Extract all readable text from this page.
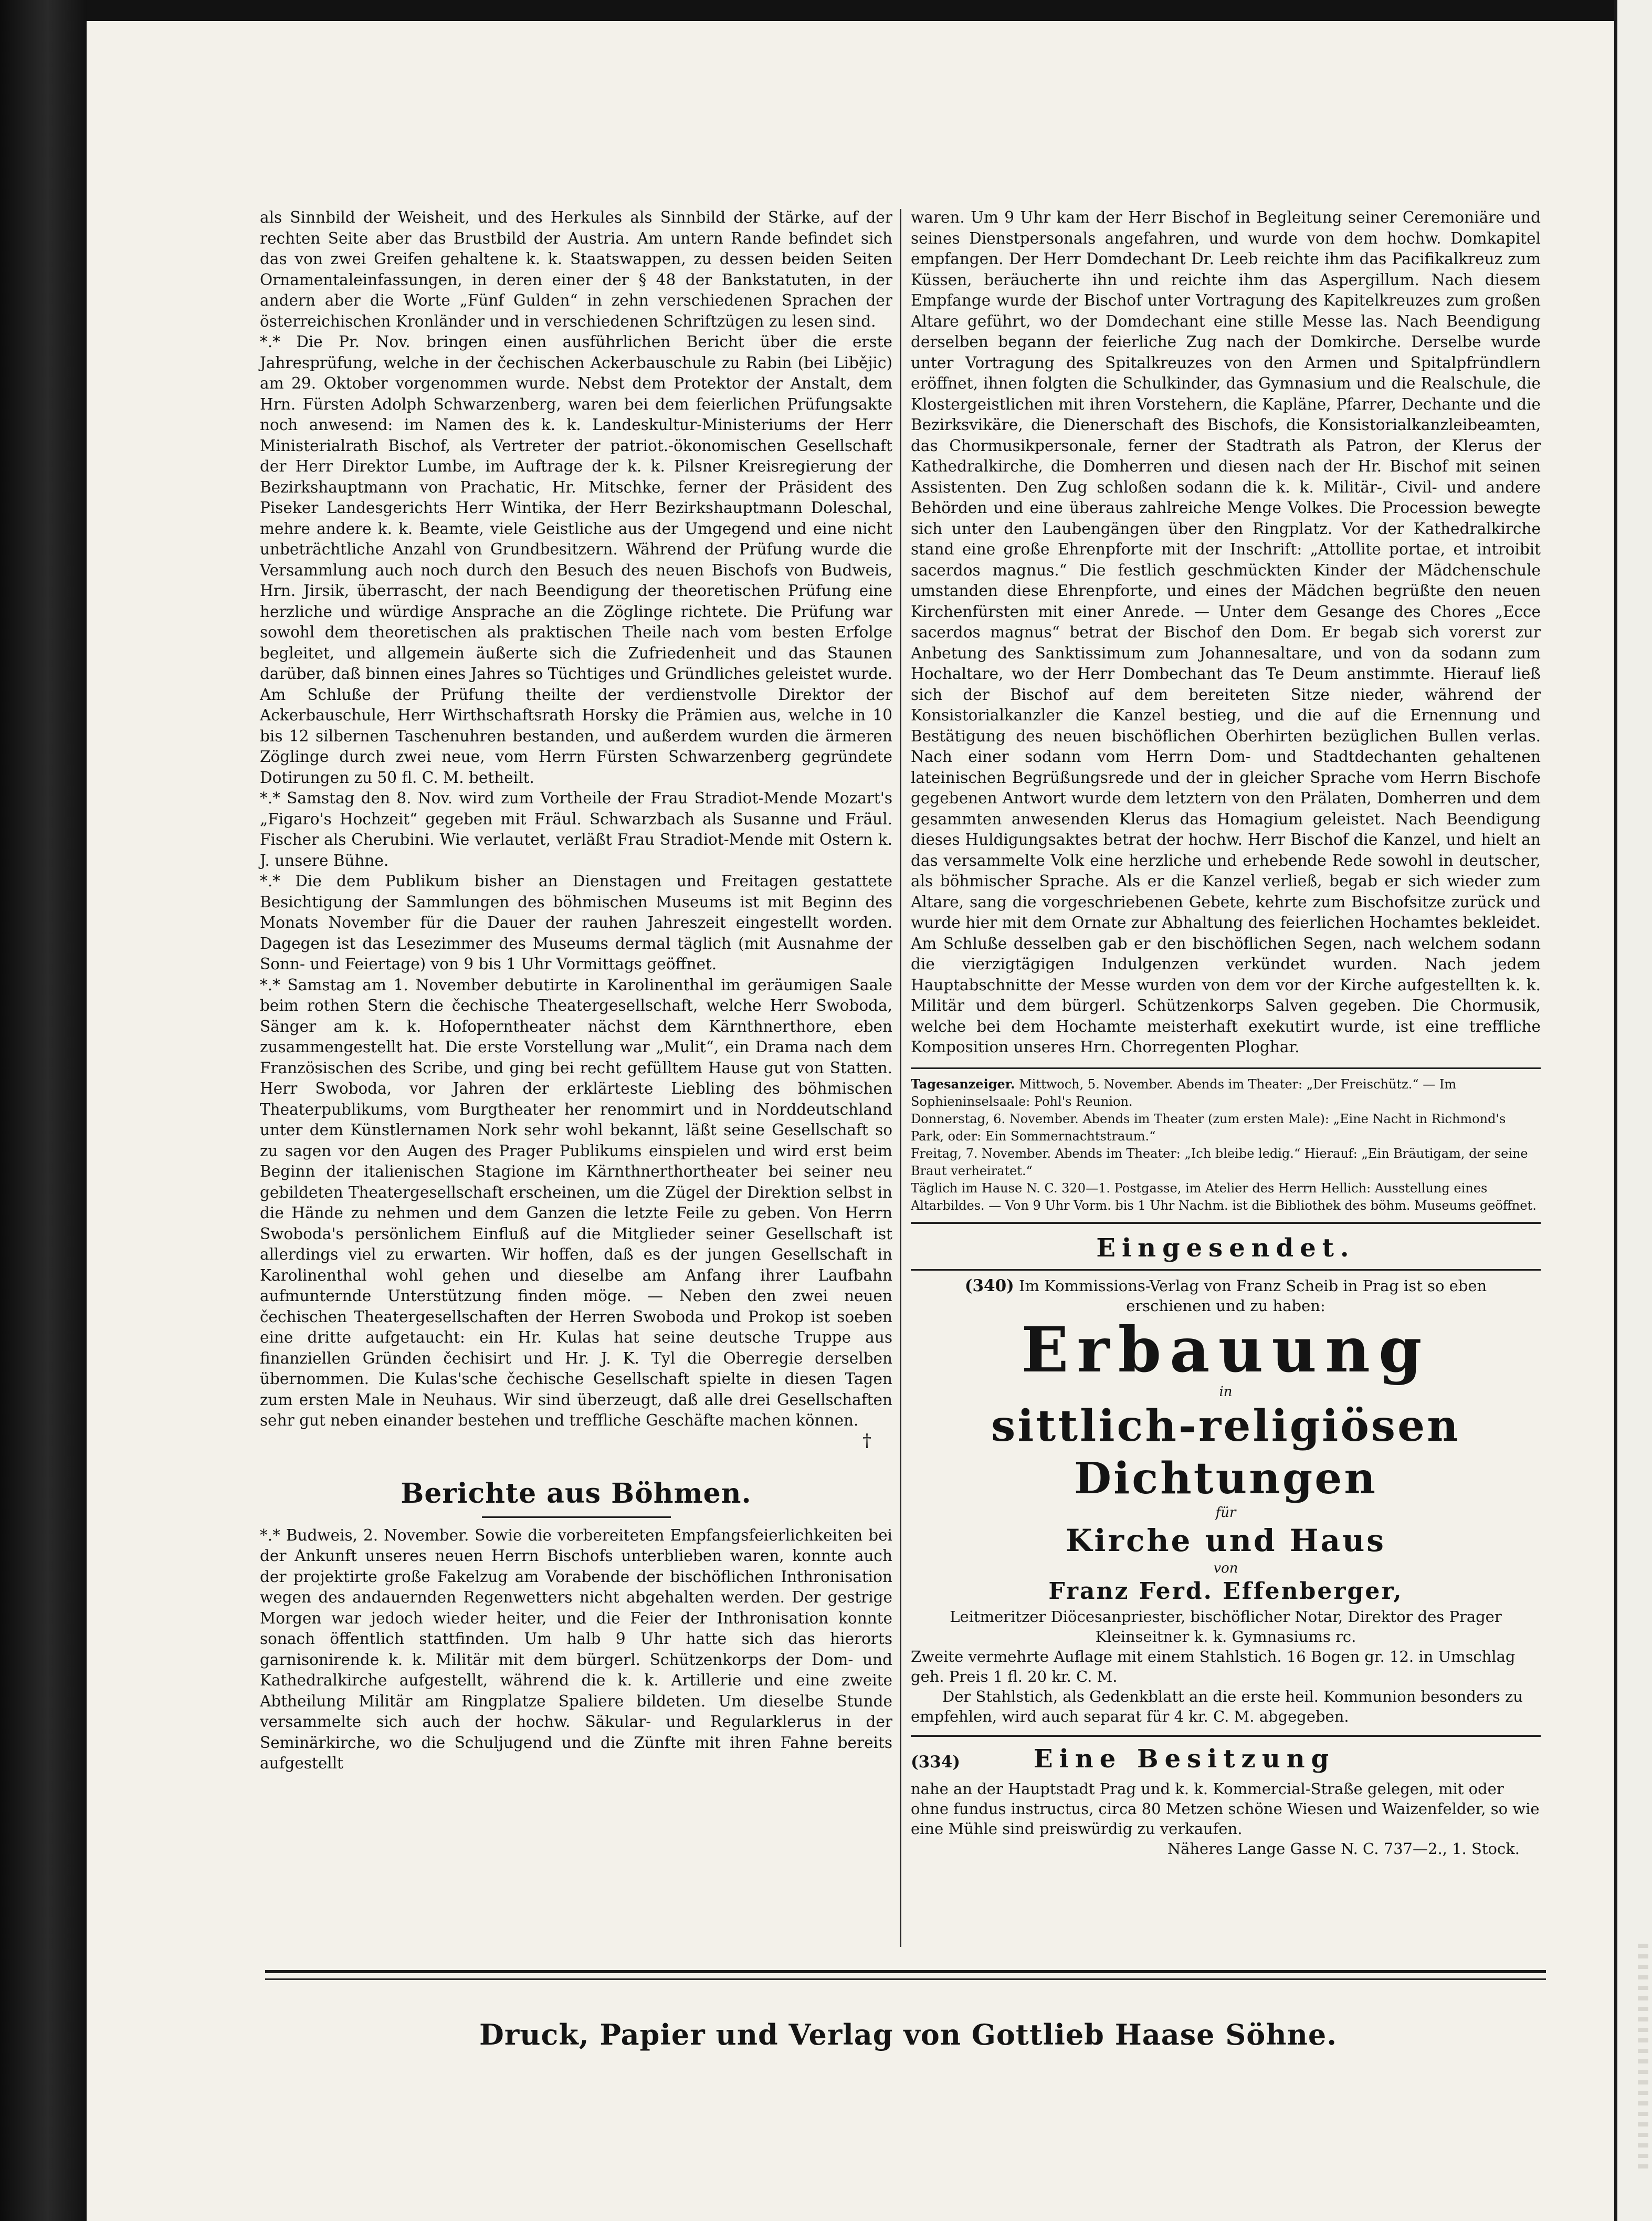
als Sinnbild der Weisheit, und des Herkules als Sinnbild der Stärke, auf der rechten Seite aber das Brustbild der Austria. Am untern Rande befindet sich das von zwei Greifen gehaltene k. k. Staatswappen, zu dessen beiden Seiten Ornamentaleinfassungen, in deren einer der § 48 der Bankstatuten, in der andern aber die Worte „Fünf Gulden“ in zehn verschiedenen Sprachen der österreichischen Kronländer und in verschiedenen Schriftzügen zu lesen sind.

*.* Die Pr. Nov. bringen einen ausführlichen Bericht über die erste Jahresprüfung, welche in der čechischen Ackerbauschule zu Rabin (bei Libějic) am 29. Oktober vorgenommen wurde. Nebst dem Protektor der Anstalt, dem Hrn. Fürsten Adolph Schwarzenberg, waren bei dem feierlichen Prüfungsakte noch anwesend: im Namen des k. k. Landeskultur-Ministeriums der Herr Ministerialrath Bischof, als Vertreter der patriot.-ökonomischen Gesellschaft der Herr Direktor Lumbe, im Auftrage der k. k. Pilsner Kreisregierung der Bezirkshauptmann von Prachatic, Hr. Mitschke, ferner der Präsident des Piseker Landesgerichts Herr Wintika, der Herr Bezirkshauptmann Doleschal, mehre andere k. k. Beamte, viele Geistliche aus der Umgegend und eine nicht unbeträchtliche Anzahl von Grundbesitzern. Während der Prüfung wurde die Versammlung auch noch durch den Besuch des neuen Bischofs von Budweis, Hrn. Jirsik, überrascht, der nach Beendigung der theoretischen Prüfung eine herzliche und würdige Ansprache an die Zöglinge richtete. Die Prüfung war sowohl dem theoretischen als praktischen Theile nach vom besten Erfolge begleitet, und allgemein äußerte sich die Zufriedenheit und das Staunen darüber, daß binnen eines Jahres so Tüchtiges und Gründliches geleistet wurde. Am Schluße der Prüfung theilte der verdienstvolle Direktor der Ackerbauschule, Herr Wirthschaftsrath Horsky die Prämien aus, welche in 10 bis 12 silbernen Taschenuhren bestanden, und außerdem wurden die ärmeren Zöglinge durch zwei neue, vom Herrn Fürsten Schwarzenberg gegründete Dotirungen zu 50 fl. C. M. betheilt.

*.* Samstag den 8. Nov. wird zum Vortheile der Frau Stradiot-Mende Mozart's „Figaro's Hochzeit“ gegeben mit Fräul. Schwarzbach als Susanne und Fräul. Fischer als Cherubini. Wie verlautet, verläßt Frau Stradiot-Mende mit Ostern k. J. unsere Bühne.

*.* Die dem Publikum bisher an Dienstagen und Freitagen gestattete Besichtigung der Sammlungen des böhmischen Museums ist mit Beginn des Monats November für die Dauer der rauhen Jahreszeit eingestellt worden. Dagegen ist das Lesezimmer des Museums dermal täglich (mit Ausnahme der Sonn- und Feiertage) von 9 bis 1 Uhr Vormittags geöffnet.

*.* Samstag am 1. November debutirte in Karolinenthal im geräumigen Saale beim rothen Stern die čechische Theatergesellschaft, welche Herr Swoboda, Sänger am k. k. Hofoperntheater nächst dem Kärnthnerthore, eben zusammengestellt hat. Die erste Vorstellung war „Mulit“, ein Drama nach dem Französischen des Scribe, und ging bei recht gefülltem Hause gut von Statten. Herr Swoboda, vor Jahren der erklärteste Liebling des böhmischen Theaterpublikums, vom Burgtheater her renommirt und in Norddeutschland unter dem Künstlernamen Nork sehr wohl bekannt, läßt seine Gesellschaft so zu sagen vor den Augen des Prager Publikums einspielen und wird erst beim Beginn der italienischen Stagione im Kärnthnerthortheater bei seiner neu gebildeten Theatergesellschaft erscheinen, um die Zügel der Direktion selbst in die Hände zu nehmen und dem Ganzen die letzte Feile zu geben. Von Herrn Swoboda's persönlichem Einfluß auf die Mitglieder seiner Gesellschaft ist allerdings viel zu erwarten. Wir hoffen, daß es der jungen Gesellschaft in Karolinenthal wohl gehen und dieselbe am Anfang ihrer Laufbahn aufmunternde Unterstützung finden möge. — Neben den zwei neuen čechischen Theatergesellschaften der Herren Swoboda und Prokop ist soeben eine dritte aufgetaucht: ein Hr. Kulas hat seine deutsche Truppe aus finanziellen Gründen čechisirt und Hr. J. K. Tyl die Oberregie derselben übernommen. Die Kulas'sche čechische Gesellschaft spielte in diesen Tagen zum ersten Male in Neuhaus. Wir sind überzeugt, daß alle drei Gesellschaften sehr gut neben einander bestehen und treffliche Geschäfte machen können.

†
Berichte aus Böhmen.

*.* Budweis, 2. November. Sowie die vorbereiteten Empfangsfeierlichkeiten bei der Ankunft unseres neuen Herrn Bischofs unterblieben waren, konnte auch der projektirte große Fakelzug am Vorabende der bischöflichen Inthronisation wegen des andauernden Regenwetters nicht abgehalten werden. Der gestrige Morgen war jedoch wieder heiter, und die Feier der Inthronisation konnte sonach öffentlich stattfinden. Um halb 9 Uhr hatte sich das hierorts garnisonirende k. k. Militär mit dem bürgerl. Schützenkorps der Dom- und Kathedralkirche aufgestellt, während die k. k. Artillerie und eine zweite Abtheilung Militär am Ringplatze Spaliere bildeten. Um dieselbe Stunde versammelte sich auch der hochw. Säkular- und Regularklerus in der Seminärkirche, wo die Schuljugend und die Zünfte mit ihren Fahne bereits aufgestellt

waren. Um 9 Uhr kam der Herr Bischof in Begleitung seiner Ceremoniäre und seines Dienstpersonals angefahren, und wurde von dem hochw. Domkapitel empfangen. Der Herr Domdechant Dr. Leeb reichte ihm das Pacifikalkreuz zum Küssen, beräucherte ihn und reichte ihm das Aspergillum. Nach diesem Empfange wurde der Bischof unter Vortragung des Kapitelkreuzes zum großen Altare geführt, wo der Domdechant eine stille Messe las. Nach Beendigung derselben begann der feierliche Zug nach der Domkirche. Derselbe wurde unter Vortragung des Spitalkreuzes von den Armen und Spitalpfründlern eröffnet, ihnen folgten die Schulkinder, das Gymnasium und die Realschule, die Klostergeistlichen mit ihren Vorstehern, die Kapläne, Pfarrer, Dechante und die Bezirksvikäre, die Dienerschaft des Bischofs, die Konsistorialkanzleibeamten, das Chormusikpersonale, ferner der Stadtrath als Patron, der Klerus der Kathedralkirche, die Domherren und diesen nach der Hr. Bischof mit seinen Assistenten. Den Zug schloßen sodann die k. k. Militär-, Civil- und andere Behörden und eine überaus zahlreiche Menge Volkes. Die Procession bewegte sich unter den Laubengängen über den Ringplatz. Vor der Kathedralkirche stand eine große Ehrenpforte mit der Inschrift: „Attollite portae, et introibit sacerdos magnus.“ Die festlich geschmückten Kinder der Mädchenschule umstanden diese Ehrenpforte, und eines der Mädchen begrüßte den neuen Kirchenfürsten mit einer Anrede. — Unter dem Gesange des Chores „Ecce sacerdos magnus“ betrat der Bischof den Dom. Er begab sich vorerst zur Anbetung des Sanktissimum zum Johannesaltare, und von da sodann zum Hochaltare, wo der Herr Dombechant das Te Deum anstimmte. Hierauf ließ sich der Bischof auf dem bereiteten Sitze nieder, während der Konsistorialkanzler die Kanzel bestieg, und die auf die Ernennung und Bestätigung des neuen bischöflichen Oberhirten bezüglichen Bullen verlas. Nach einer sodann vom Herrn Dom- und Stadtdechanten gehaltenen lateinischen Begrüßungsrede und der in gleicher Sprache vom Herrn Bischofe gegebenen Antwort wurde dem letztern von den Prälaten, Domherren und dem gesammten anwesenden Klerus das Homagium geleistet. Nach Beendigung dieses Huldigungsaktes betrat der hochw. Herr Bischof die Kanzel, und hielt an das versammelte Volk eine herzliche und erhebende Rede sowohl in deutscher, als böhmischer Sprache. Als er die Kanzel verließ, begab er sich wieder zum Altare, sang die vorgeschriebenen Gebete, kehrte zum Bischofsitze zurück und wurde hier mit dem Ornate zur Abhaltung des feierlichen Hochamtes bekleidet. Am Schluße desselben gab er den bischöflichen Segen, nach welchem sodann die vierzigtägigen Indulgenzen verkündet wurden. Nach jedem Hauptabschnitte der Messe wurden von dem vor der Kirche aufgestellten k. k. Militär und dem bürgerl. Schützenkorps Salven gegeben. Die Chormusik, welche bei dem Hochamte meisterhaft exekutirt wurde, ist eine treffliche Komposition unseres Hrn. Chorregenten Ploghar.

Tagesanzeiger. Mittwoch, 5. November. Abends im Theater: „Der Freischütz.“ — Im Sophieninselsaale: Pohl's Reunion.
Donnerstag, 6. November. Abends im Theater (zum ersten Male): „Eine Nacht in Richmond's Park, oder: Ein Sommernachtstraum.“
Freitag, 7. November. Abends im Theater: „Ich bleibe ledig.“ Hierauf: „Ein Bräutigam, der seine Braut verheiratet.“
Täglich im Hause N. C. 320—1. Postgasse, im Atelier des Herrn Hellich: Ausstellung eines Altarbildes. — Von 9 Uhr Vorm. bis 1 Uhr Nachm. ist die Bibliothek des böhm. Museums geöffnet.
Eingesendet.
(340) Im Kommissions-Verlag von Franz Scheib in Prag ist so eben
erschienen und zu haben:
Erbauung
in
sittlich-religiösen Dichtungen
für
Kirche und Haus
von
Franz Ferd. Effenberger,
Leitmeritzer Diöcesanpriester, bischöflicher Notar, Direktor des Prager Kleinseitner k. k. Gymnasiums rc.
Zweite vermehrte Auflage mit einem Stahlstich. 16 Bogen gr. 12. in Umschlag geh. Preis 1 fl. 20 kr. C. M.
Der Stahlstich, als Gedenkblatt an die erste heil. Kommunion besonders zu empfehlen, wird auch separat für 4 kr. C. M. abgegeben.
(334)	Eine Besitzung
nahe an der Hauptstadt Prag und k. k. Kommercial-Straße gelegen, mit oder ohne fundus instructus, circa 80 Metzen schöne Wiesen und Waizenfelder, so wie eine Mühle sind preiswürdig zu verkaufen.
Näheres Lange Gasse N. C. 737—2., 1. Stock.
Druck, Papier und Verlag von Gottlieb Haase Söhne.
